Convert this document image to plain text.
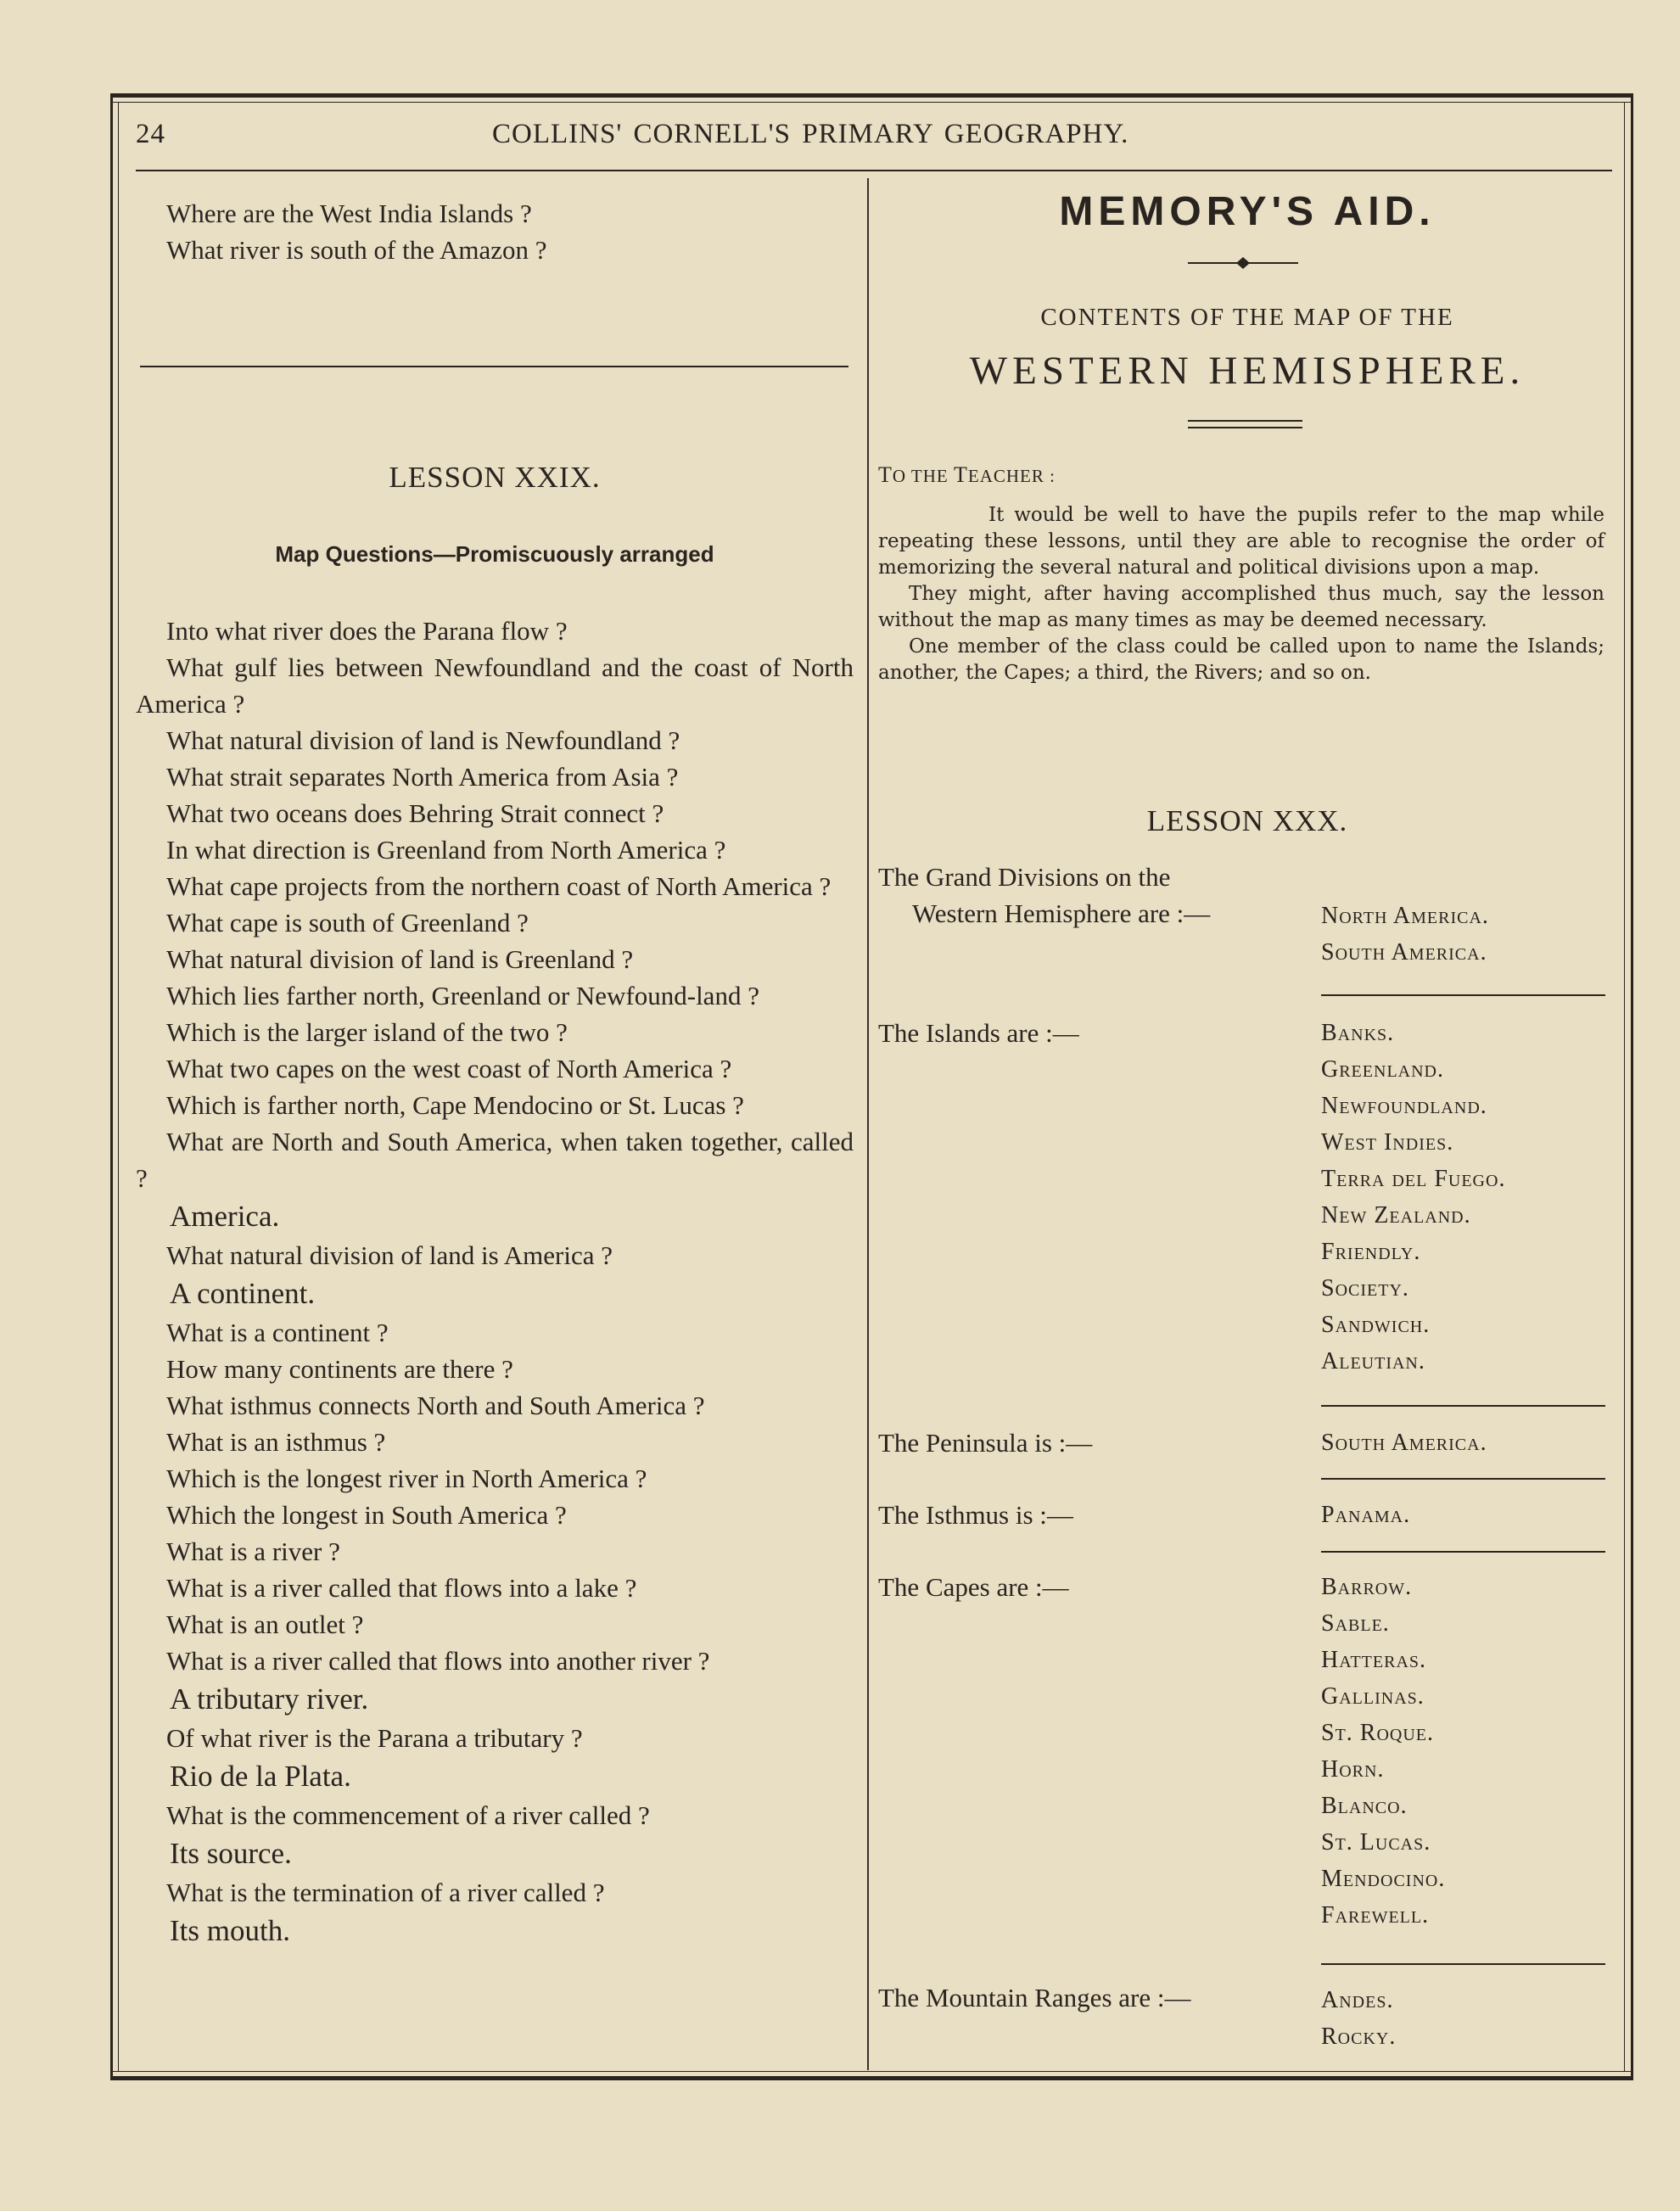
24	COLLINS' CORNELL'S PRIMARY GEOGRAPHY.
Where are the West India Islands ?
What river is south of the Amazon ?
LESSON XXIX.
Map Questions—Promiscuously arranged
Into what river does the Parana flow ?
What gulf lies between Newfoundland and the coast of North America ?
What natural division of land is Newfoundland ?
What strait separates North America from Asia ?
What two oceans does Behring Strait connect ?
In what direction is Greenland from North America ?
What cape projects from the northern coast of North America ?
What cape is south of Greenland ?
What natural division of land is Greenland ?
Which lies farther north, Greenland or Newfound-land ?
Which is the larger island of the two ?
What two capes on the west coast of North America ?
Which is farther north, Cape Mendocino or St. Lucas ?
What are North and South America, when taken together, called ?
America.
What natural division of land is America ?
A continent.
What is a continent ?
How many continents are there ?
What isthmus connects North and South America ?
What is an isthmus ?
Which is the longest river in North America ?
Which the longest in South America ?
What is a river ?
What is a river called that flows into a lake ?
What is an outlet ?
What is a river called that flows into another river ?
A tributary river.
Of what river is the Parana a tributary ?
Rio de la Plata.
What is the commencement of a river called ?
Its source.
What is the termination of a river called ?
Its mouth.
MEMORY'S AID.
CONTENTS OF THE MAP OF THE
WESTERN HEMISPHERE.
TO THE TEACHER :

It would be well to have the pupils refer to the map while repeating these lessons, until they are able to recognise the order of memorizing the several natural and political divisions upon a map.

They might, after having accomplished thus much, say the lesson without the map as many times as may be deemed necessary.

One member of the class could be called upon to name the Islands; another, the Capes; a third, the Rivers; and so on.

LESSON XXX.
The Grand Divisions on the
Western Hemisphere are :—	North America.
South America.
The Islands are :—	Banks.
Greenland.
Newfoundland.
West Indies.
Terra del Fuego.
New Zealand.
Friendly.
Society.
Sandwich.
Aleutian.
The Peninsula is :—	South America.
The Isthmus is :—	Panama.
The Capes are :—	Barrow.
Sable.
Hatteras.
Gallinas.
St. Roque.
Horn.
Blanco.
St. Lucas.
Mendocino.
Farewell.
The Mountain Ranges are :—	Andes.
Rocky.
